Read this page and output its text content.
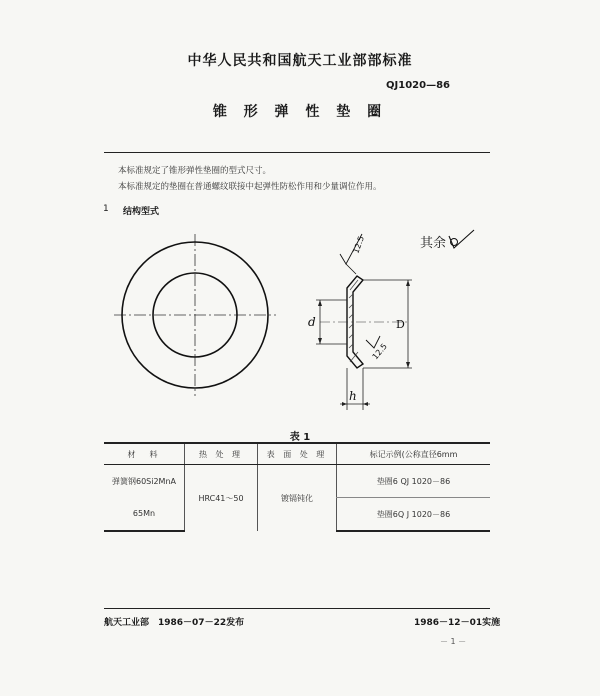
中华人民共和国航天工业部部标准
QJ1020—86
锥 形 弹 性 垫 圈
本标准规定了锥形弹性垫圈的型式尺寸。
本标准规定的垫圈在普通螺纹联接中起弹性防松作用和少量调位作用。
1 结构型式
d	D
h
12.5
12.5
其余
表 1
材　料	热 处 理	表 面 处 理	标记示例(公称直径6mm
弹簧钢60Si2MnA	HRC41～50	镀镉钝化	垫圈6 QJ 1020－86
65Mn			垫圈6Q J 1020－86
航天工业部　1986－07－22发布	1986－12－01实施
－ 1 －
